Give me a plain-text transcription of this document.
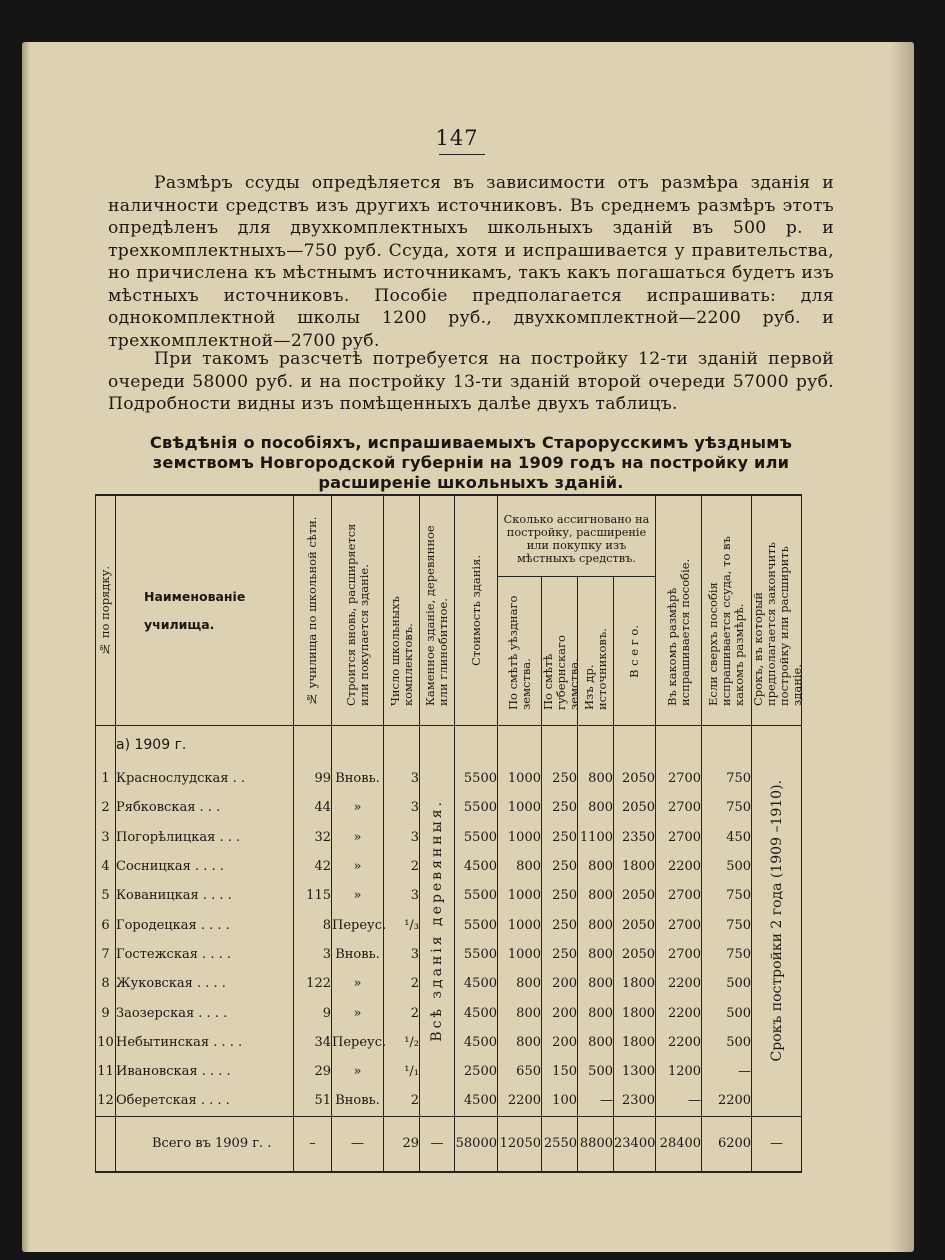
147
Размѣръ ссуды опредѣляется въ зависимости отъ размѣра зданія и наличности средствъ изъ другихъ источниковъ. Въ среднемъ размѣръ этотъ опредѣленъ для двухкомплектныхъ школьныхъ зданій въ 500 р. и трехкомплектныхъ—750 руб. Ссуда, хотя и испрашивается у правительства, но причислена къ мѣстнымъ источникамъ, такъ какъ погашаться будетъ изъ мѣстныхъ источниковъ. Пособіе предполагается испрашивать: для однокомплектной школы 1200 руб., двухкомплектной—2200 руб. и трехкомплектной—2700 руб.
При такомъ разсчетѣ потребуется на постройку 12-ти зданій первой очереди 58000 руб. и на постройку 13-ти зданій второй очереди 57000 руб. Подробности видны изъ помѣщенныхъ далѣе двухъ таблицъ.
Свѣдѣнія о пособіяхъ, испрашиваемыхъ Старорусскимъ уѣзднымъ земствомъ Новгородской губерніи на 1909 годъ на постройку или расширеніе школьныхъ зданій.
№ по порядку.	Наименованіе училища.	№ училища по школьной сѣти.	Строится вновь, расширяется или покупается зданіе.	Число школьныхъ комплектовъ.	Каменное зданіе, деревянное или глинобитное.	Стоимость зданія.	Сколько ассигновано на постройку, расширеніе или покупку изъ мѣстныхъ средствъ.				Въ какомъ размѣрѣ испрашивается пособіе.	Если сверхъ пособія испрашивается ссуда, то въ какомъ размѣрѣ.	Срокъ, въ который предполагается закончить постройку или расширить зданіе.

							По смѣтѣ уѣзднаго земства.	По смѣтѣ губернскаго земства.	Изъ др. источниковъ.	В с е г о.			

	а) 1909 г.				Всѣ зданія деревянныя.								Срокъ постройки 2 года (1909 –1910).

1	Краснослудская . .	99	Вновь.	3		5500	1000	250	800	2050	2700	750	
2	Рябковская . . .	44	»	3		5500	1000	250	800	2050	2700	750	
3	Погорѣлицкая . . .	32	»	3		5500	1000	250	1100	2350	2700	450	
4	Сосницкая . . . .	42	»	2		4500	800	250	800	1800	2200	500	
5	Кованицкая . . . .	115	»	3		5500	1000	250	800	2050	2700	750	
6	Городецкая . . . .	8	Переус.	¹/₃		5500	1000	250	800	2050	2700	750	
7	Гостежская . . . .	3	Вновь.	3		5500	1000	250	800	2050	2700	750	
8	Жуковская . . . .	122	»	2		4500	800	200	800	1800	2200	500	
9	Заозерская . . . .	9	»	2		4500	800	200	800	1800	2200	500	
10	Небытинская . . . .	34	Переус.	¹/₂		4500	800	200	800	1800	2200	500	
11	Ивановская . . . .	29	»	¹/₁		2500	650	150	500	1300	1200	—	
12	Оберетская . . . .	51	Вновь.	2		4500	2200	100	—	2300	—	2200	
	Всего въ 1909 г. .	–	—	29	—	58000	12050	2550	8800	23400	28400	6200	—
